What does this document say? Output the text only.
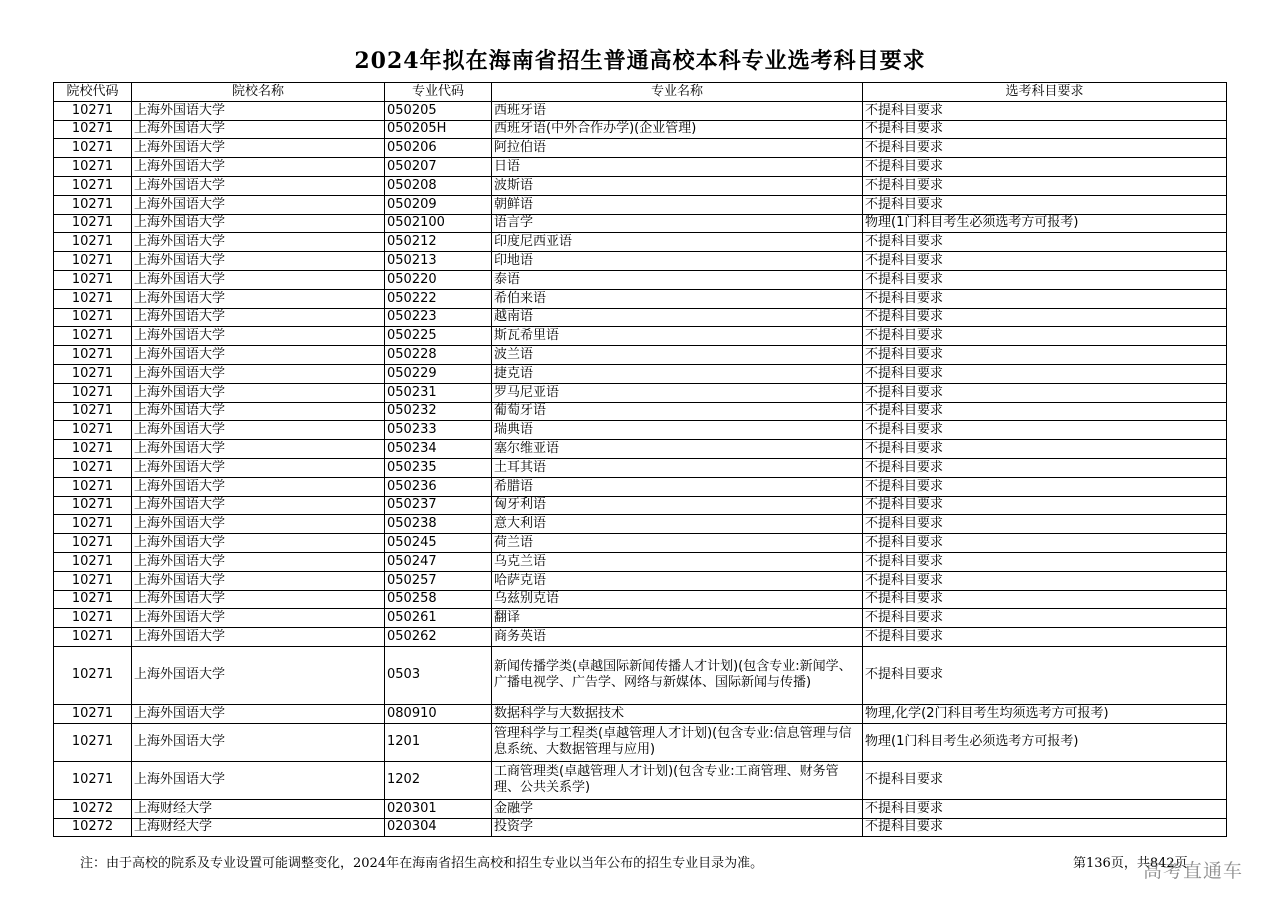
2024年拟在海南省招生普通高校本科专业选考科目要求
院校代码	院校名称	专业代码	专业名称	选考科目要求
10271	上海外国语大学	050205	西班牙语	不提科目要求
10271	上海外国语大学	050205H	西班牙语(中外合作办学)(企业管理)	不提科目要求
10271	上海外国语大学	050206	阿拉伯语	不提科目要求
10271	上海外国语大学	050207	日语	不提科目要求
10271	上海外国语大学	050208	波斯语	不提科目要求
10271	上海外国语大学	050209	朝鲜语	不提科目要求
10271	上海外国语大学	0502100	语言学	物理(1门科目考生必须选考方可报考)
10271	上海外国语大学	050212	印度尼西亚语	不提科目要求
10271	上海外国语大学	050213	印地语	不提科目要求
10271	上海外国语大学	050220	泰语	不提科目要求
10271	上海外国语大学	050222	希伯来语	不提科目要求
10271	上海外国语大学	050223	越南语	不提科目要求
10271	上海外国语大学	050225	斯瓦希里语	不提科目要求
10271	上海外国语大学	050228	波兰语	不提科目要求
10271	上海外国语大学	050229	捷克语	不提科目要求
10271	上海外国语大学	050231	罗马尼亚语	不提科目要求
10271	上海外国语大学	050232	葡萄牙语	不提科目要求
10271	上海外国语大学	050233	瑞典语	不提科目要求
10271	上海外国语大学	050234	塞尔维亚语	不提科目要求
10271	上海外国语大学	050235	土耳其语	不提科目要求
10271	上海外国语大学	050236	希腊语	不提科目要求
10271	上海外国语大学	050237	匈牙利语	不提科目要求
10271	上海外国语大学	050238	意大利语	不提科目要求
10271	上海外国语大学	050245	荷兰语	不提科目要求
10271	上海外国语大学	050247	乌克兰语	不提科目要求
10271	上海外国语大学	050257	哈萨克语	不提科目要求
10271	上海外国语大学	050258	乌兹别克语	不提科目要求
10271	上海外国语大学	050261	翻译	不提科目要求
10271	上海外国语大学	050262	商务英语	不提科目要求
10271	上海外国语大学	0503	新闻传播学类(卓越国际新闻传播人才计划)(包含专业:新闻学、广播电视学、广告学、网络与新媒体、国际新闻与传播)	不提科目要求
10271	上海外国语大学	080910	数据科学与大数据技术	物理,化学(2门科目考生均须选考方可报考)
10271	上海外国语大学	1201	管理科学与工程类(卓越管理人才计划)(包含专业:信息管理与信息系统、大数据管理与应用)	物理(1门科目考生必须选考方可报考)
10271	上海外国语大学	1202	工商管理类(卓越管理人才计划)(包含专业:工商管理、财务管理、公共关系学)	不提科目要求
10272	上海财经大学	020301	金融学	不提科目要求
10272	上海财经大学	020304	投资学	不提科目要求
注：由于高校的院系及专业设置可能调整变化，2024年在海南省招生高校和招生专业以当年公布的招生专业目录为准。	第136页，共842页
高考直通车
